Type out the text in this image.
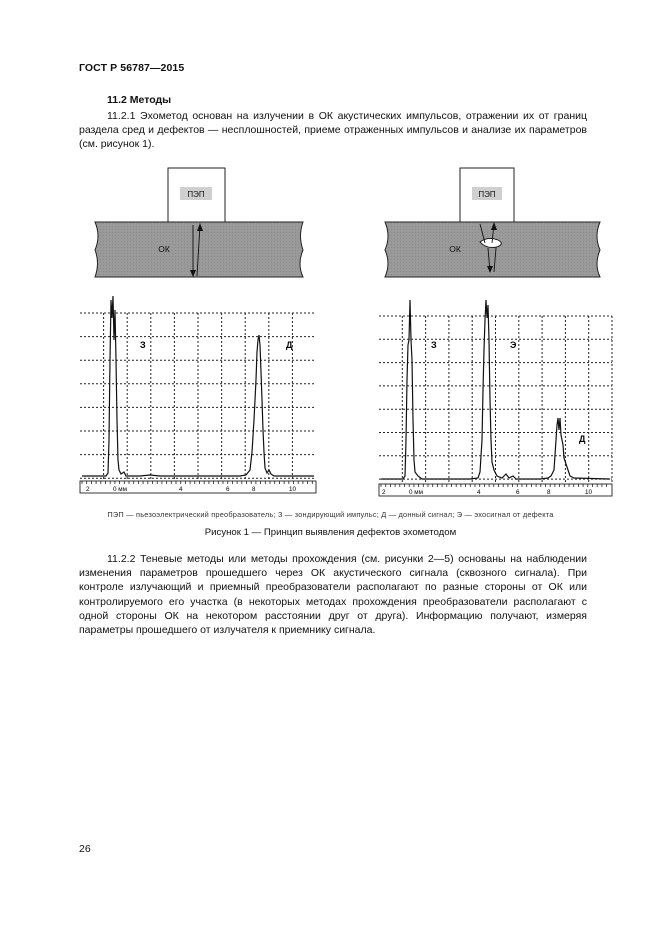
ГОСТ Р 56787—2015
11.2 Методы

11.2.1 Эхометод основан на излучении в ОК акустических импульсов, отражении их от границ раздела сред и дефектов — несплошностей, приеме отраженных импульсов и анализе их параметров (см. рисунок 1).

ПЭП
ОК
2	0 мм	4	6	8	10
З	Д
ПЭП
ОК
2	0 мм	4	6	8	10
З	Э
Д
ПЭП — пьезоэлектрический преобразователь; З — зондирующий импульс; Д — донный сигнал; Э — эхосигнал от дефекта
Рисунок 1 — Принцип выявления дефектов эхометодом

11.2.2 Теневые методы или методы прохождения (см. рисунки 2—5) основаны на наблюдении изменения параметров прошедшего через ОК акустического сигнала (сквозного сигнала). При контроле излучающий и приемный преобразователи располагают по разные стороны от ОК или контролируемого его участка (в некоторых методах прохождения преобразователи располагают с одной стороны ОК на некотором расстоянии друг от друга). Информацию получают, измеряя параметры прошедшего от излучателя к приемнику сигнала.

26
